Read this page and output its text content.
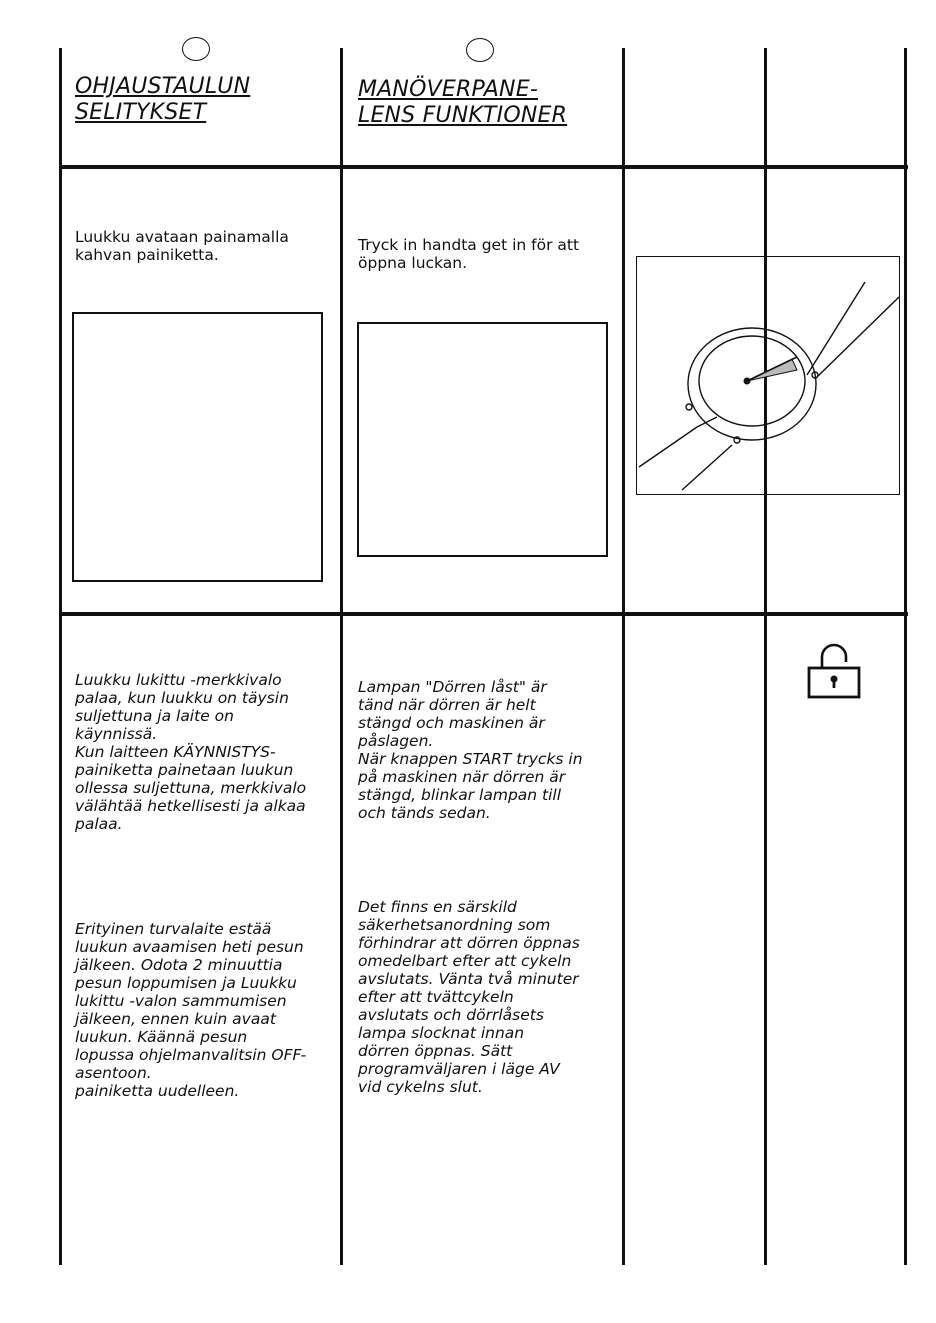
OHJAUSTAULUN
SELITYKSET
MANÖVERPANE-
LENS FUNKTIONER
Luukku avataan painamalla
kahvan painiketta.
Tryck in handta get in för att
öppna luckan.
Luukku lukittu -merkkivalo
palaa, kun luukku on täysin
suljettuna ja laite on
käynnissä.
Kun laitteen KÄYNNISTYS-
painiketta painetaan luukun
ollessa suljettuna, merkkivalo
välähtää hetkellisesti ja alkaa
palaa.
Lampan "Dörren låst" är
tänd när dörren är helt
stängd och maskinen är
påslagen.
När knappen START trycks in
på maskinen när dörren är
stängd, blinkar lampan till
och tänds sedan.
Erityinen turvalaite estää
luukun avaamisen heti pesun
jälkeen. Odota 2 minuuttia
pesun loppumisen ja Luukku
lukittu -valon sammumisen
jälkeen, ennen kuin avaat
luukun. Käännä pesun
lopussa ohjelmanvalitsin OFF-
asentoon.
painiketta uudelleen.
Det finns en särskild
säkerhetsanordning som
förhindrar att dörren öppnas
omedelbart efter att cykeln
avslutats. Vänta två minuter
efter att tvättcykeln
avslutats och dörrlåsets
lampa slocknat innan
dörren öppnas. Sätt
programväljaren i läge AV
vid cykelns slut.
